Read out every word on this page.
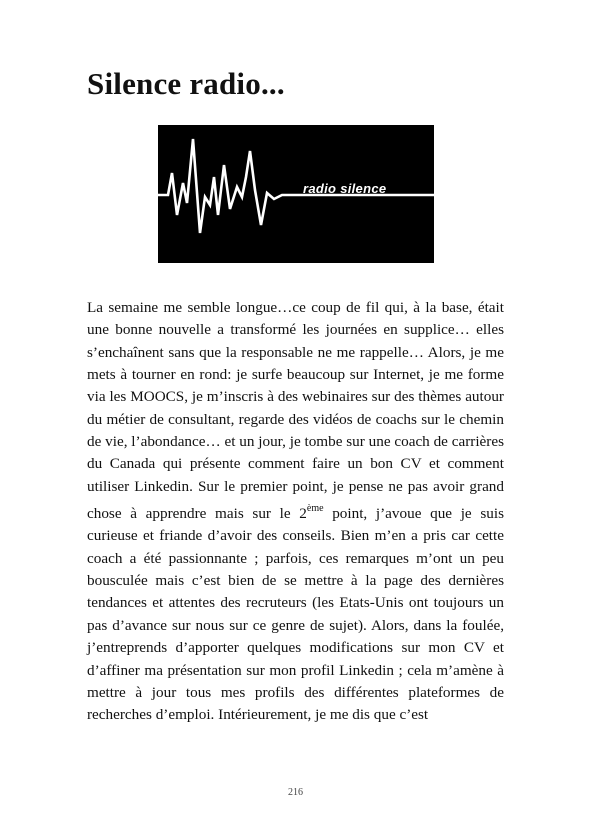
Silence radio...
radio silence

La semaine me semble longue…ce coup de fil qui, à la base, était une bonne nouvelle a transformé les journées en supplice… elles s’enchaînent sans que la responsable ne me rappelle… Alors, je me mets à tourner en rond: je surfe beaucoup sur Internet, je me forme via les MOOCS, je m’inscris à des webinaires sur des thèmes autour du métier de consultant, regarde des vidéos de coachs sur le chemin de vie, l’abondance… et un jour, je tombe sur une coach de carrières du Canada qui présente comment faire un bon CV et comment utiliser Linkedin. Sur le premier point, je pense ne pas avoir grand chose à apprendre mais sur le 2ème point, j’avoue que je suis curieuse et friande d’avoir des conseils. Bien m’en a pris car cette coach a été passionnante ; parfois, ces remarques m’ont un peu bousculée mais c’est bien de se mettre à la page des dernières tendances et attentes des recruteurs (les Etats-Unis ont toujours un pas d’avance sur nous sur ce genre de sujet). Alors, dans la foulée, j’entreprends d’apporter quelques modifications sur mon CV et d’affiner ma présentation sur mon profil Linkedin ; cela m’amène à mettre à jour tous mes profils des différentes plateformes de recherches d’emploi. Intérieurement, je me dis que c’est

216
